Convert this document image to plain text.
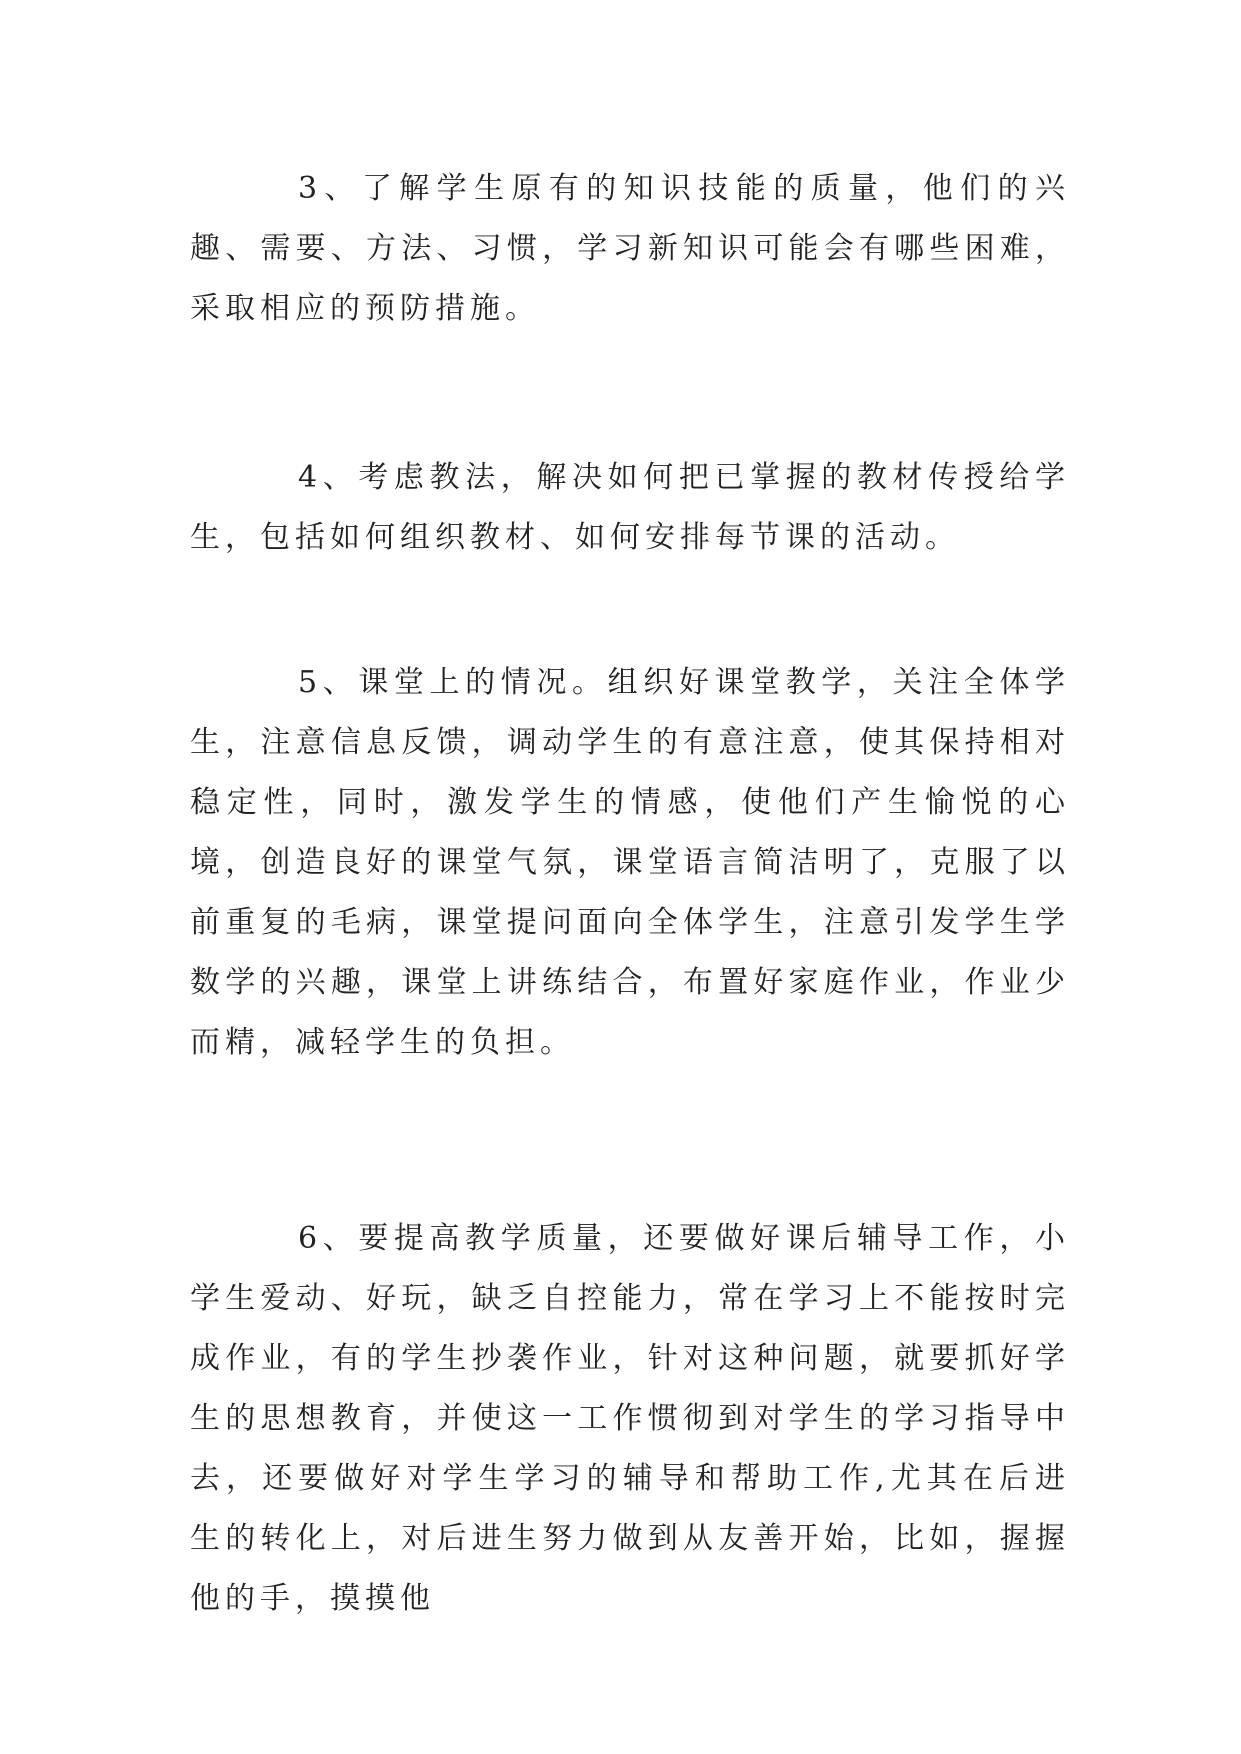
3、了解学生原有的知识技能的质量，他们的兴趣、需要、方法、习惯，学习新知识可能会有哪些困难，采取相应的预防措施。

4、考虑教法，解决如何把已掌握的教材传授给学生，包括如何组织教材、如何安排每节课的活动。

5、课堂上的情况。组织好课堂教学，关注全体学生，注意信息反馈，调动学生的有意注意，使其保持相对稳定性，同时，激发学生的情感，使他们产生愉悦的心境，创造良好的课堂气氛，课堂语言简洁明了，克服了以前重复的毛病，课堂提问面向全体学生，注意引发学生学数学的兴趣，课堂上讲练结合，布置好家庭作业，作业少而精，减轻学生的负担。

6、要提高教学质量，还要做好课后辅导工作，小学生爱动、好玩，缺乏自控能力，常在学习上不能按时完成作业，有的学生抄袭作业，针对这种问题，就要抓好学生的思想教育，并使这一工作惯彻到对学生的学习指导中去，还要做好对学生学习的辅导和帮助工作,尤其在后进生的转化上，对后进生努力做到从友善开始，比如，握握他的手，摸摸他
